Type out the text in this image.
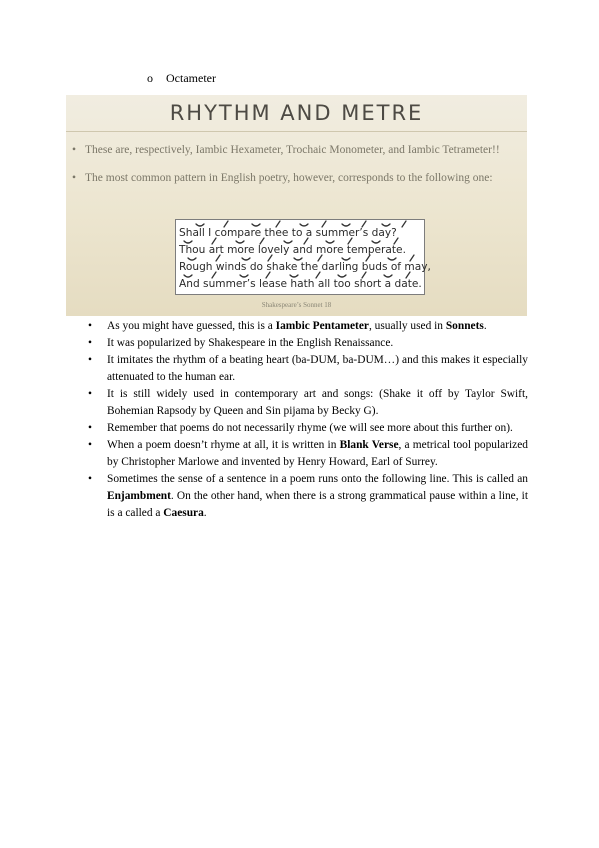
o Octameter
RHYTHM AND METRE
• These are, respectively, Iambic Hexameter, Trochaic Monometer, and Iambic Tetrameter!!
• The most common pattern in English poetry, however, corresponds to the following one:
Shall I compare thee to a summer’s day?
Thou art more lovely and more temperate.
Rough winds do shake the darling buds of may,
And summer’s lease hath all too short a date.
Shakespeare’s Sonnet 18
• As you might have guessed, this is a Iambic Pentameter, usually used in Sonnets.
• It was popularized by Shakespeare in the English Renaissance.
• It imitates the rhythm of a beating heart (ba-DUM, ba-DUM…) and this makes it especially attenuated to the human ear.
• It is still widely used in contemporary art and songs: (Shake it off by Taylor Swift, Bohemian Rapsody by Queen and Sin pijama by Becky G).
• Remember that poems do not necessarily rhyme (we will see more about this further on).
• When a poem doesn’t rhyme at all, it is written in Blank Verse, a metrical tool popularized by Christopher Marlowe and invented by Henry Howard, Earl of Surrey.
• Sometimes the sense of a sentence in a poem runs onto the following line. This is called an Enjambment. On the other hand, when there is a strong grammatical pause within a line, it is a called a Caesura.
